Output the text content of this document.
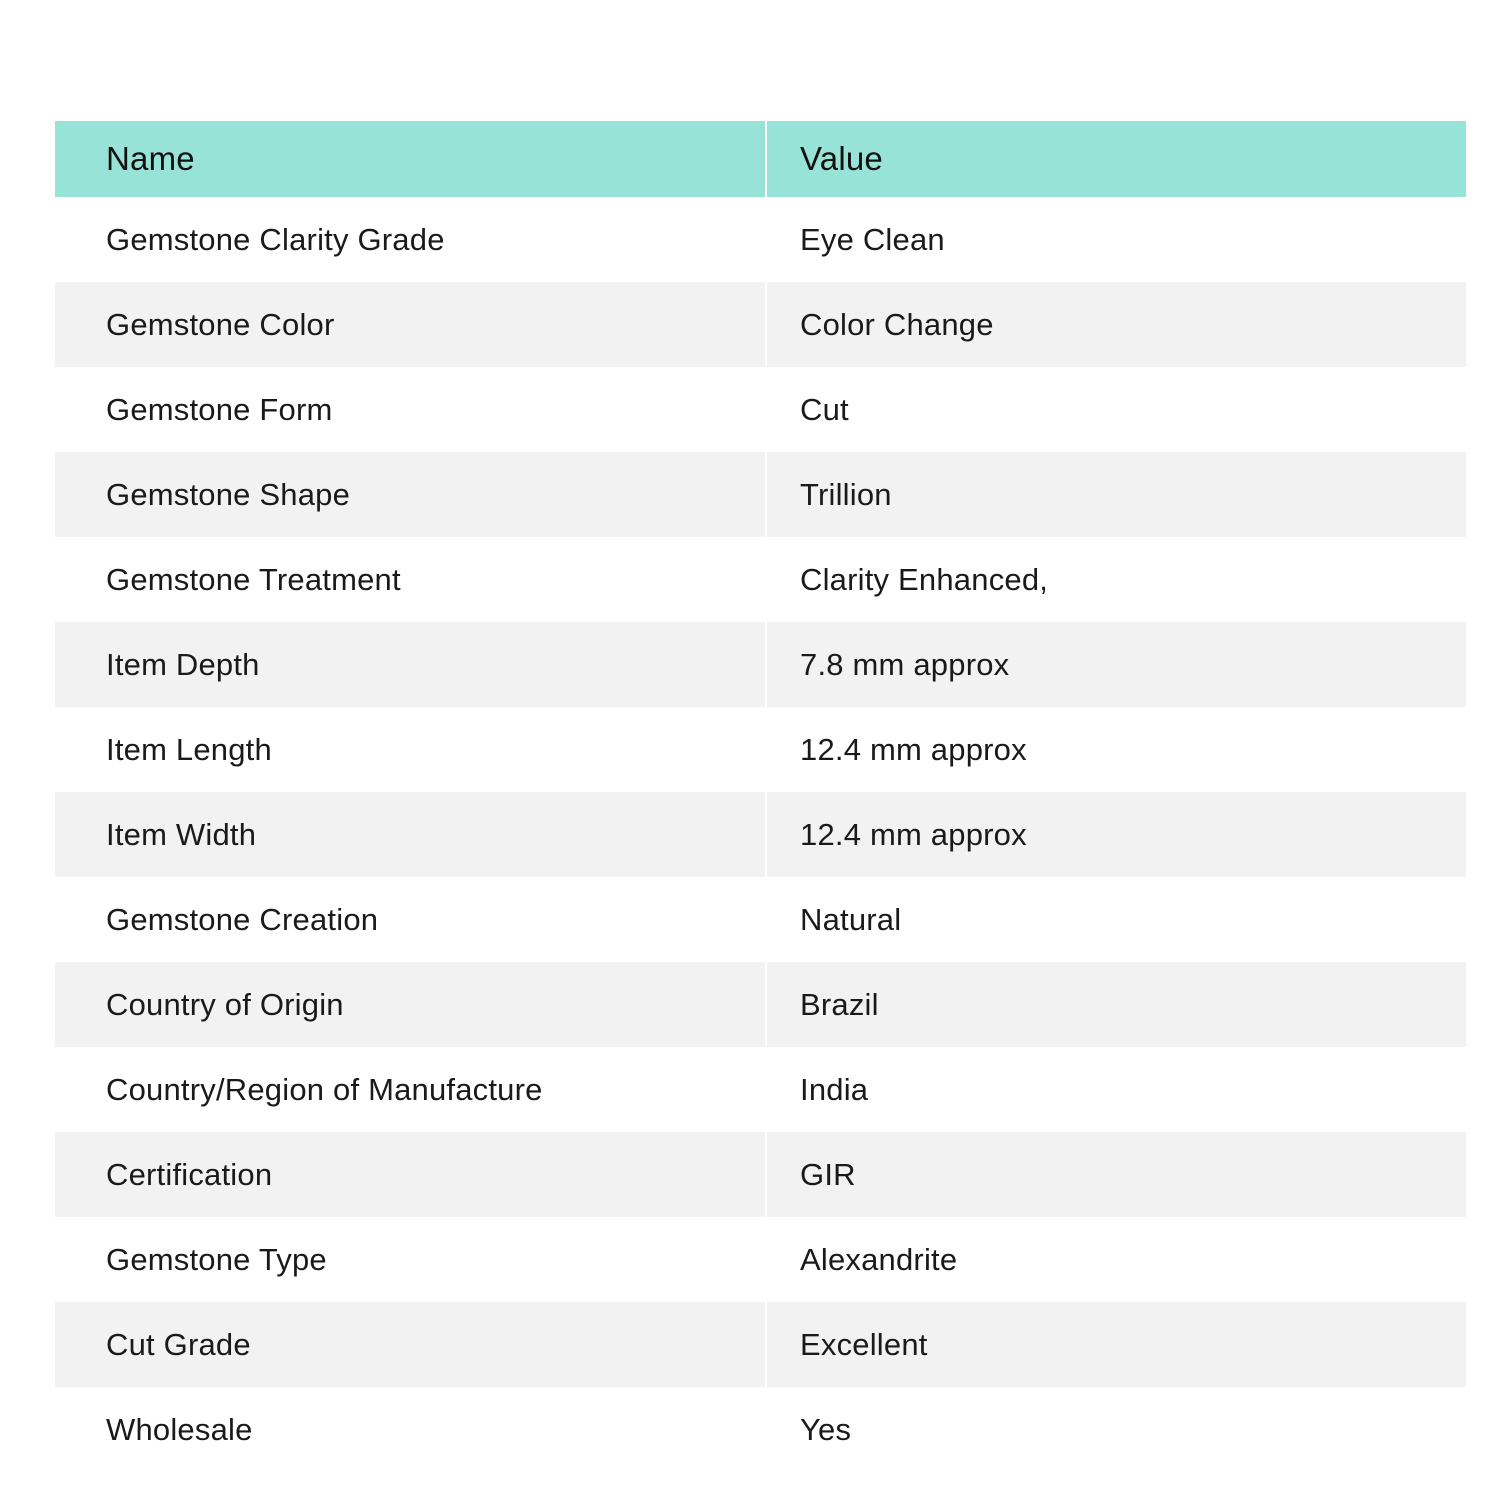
Name	Value
Gemstone Clarity Grade	Eye Clean
Gemstone Color	Color Change
Gemstone Form	Cut
Gemstone Shape	Trillion
Gemstone Treatment	Clarity Enhanced,
Item Depth	7.8 mm approx
Item Length	12.4 mm approx
Item Width	12.4 mm approx
Gemstone Creation	Natural
Country of Origin	Brazil
Country/Region of Manufacture	India
Certification	GIR
Gemstone Type	Alexandrite
Cut Grade	Excellent
Wholesale	Yes
